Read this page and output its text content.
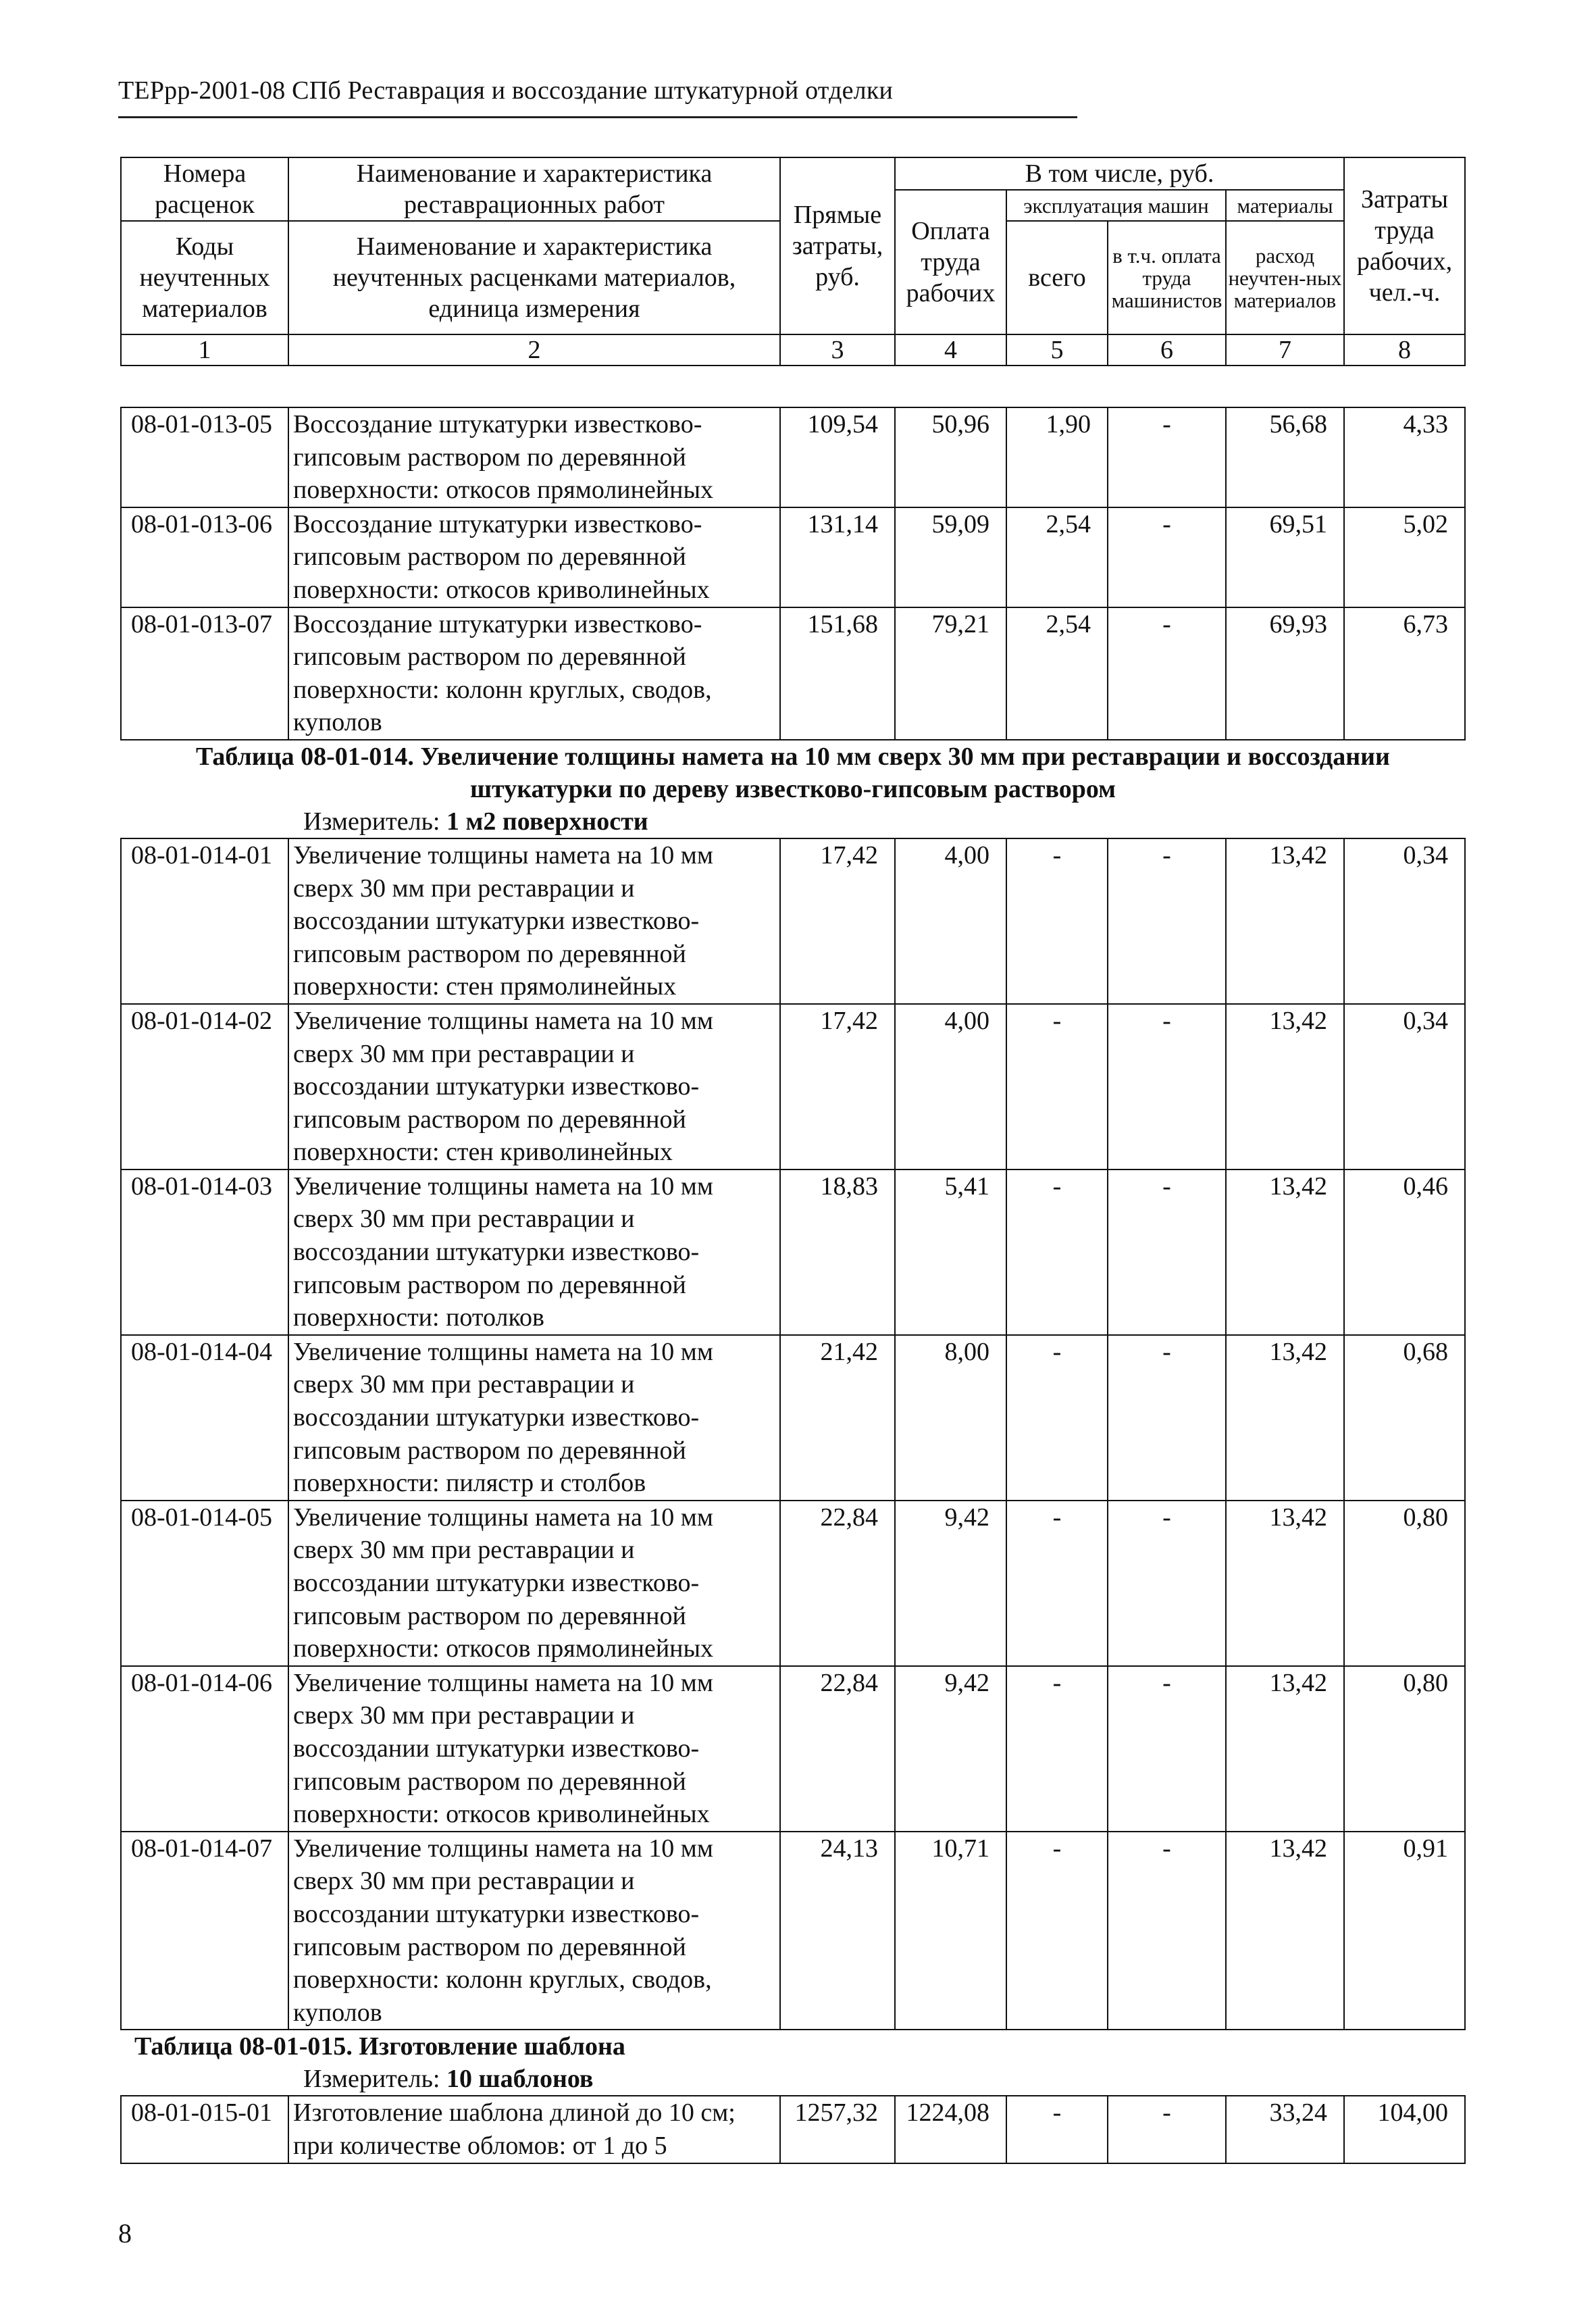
ТЕРрр-2001-08 СПб Реставрация и воссоздание штукатурной отделки
Номера расценок	Наименование и характеристика реставрационных работ	Прямые затраты, руб.	В том числе, руб.				Затраты труда рабочих, чел.-ч.
			Оплата труда рабочих	эксплуатация машин		материалы	
Коды неучтенных материалов	Наименование и характеристика неучтенных расценками материалов, единица измерения			всего	в т.ч. оплата труда машинистов	расход неучтен-ных материалов	

1	2	3	4	5	6	7	8
08-01-013-05	Воссоздание штукатурки известково-гипсовым раствором по деревянной поверхности: откосов прямолинейных	109,54	50,96	1,90	-	56,68	4,33
08-01-013-06	Воссоздание штукатурки известково-гипсовым раствором по деревянной поверхности: откосов криволинейных	131,14	59,09	2,54	-	69,51	5,02
08-01-013-07	Воссоздание штукатурки известково-гипсовым раствором по деревянной поверхности: колонн круглых, сводов, куполов	151,68	79,21	2,54	-	69,93	6,73

Таблица 08-01-014. Увеличение толщины намета на 10 мм сверх 30 мм при реставрации и воссоздании
штукатурки по дереву известково-гипсовым раствором
Измеритель: 1 м2 поверхности							

08-01-014-01	Увеличение толщины намета на 10 мм сверх 30 мм при реставрации и воссоздании штукатурки известково-гипсовым раствором по деревянной поверхности: стен прямолинейных	17,42	4,00	-	-	13,42	0,34
08-01-014-02	Увеличение толщины намета на 10 мм сверх 30 мм при реставрации и воссоздании штукатурки известково-гипсовым раствором по деревянной поверхности: стен криволинейных	17,42	4,00	-	-	13,42	0,34
08-01-014-03	Увеличение толщины намета на 10 мм сверх 30 мм при реставрации и воссоздании штукатурки известково-гипсовым раствором по деревянной поверхности: потолков	18,83	5,41	-	-	13,42	0,46
08-01-014-04	Увеличение толщины намета на 10 мм сверх 30 мм при реставрации и воссоздании штукатурки известково-гипсовым раствором по деревянной поверхности: пилястр и столбов	21,42	8,00	-	-	13,42	0,68
08-01-014-05	Увеличение толщины намета на 10 мм сверх 30 мм при реставрации и воссоздании штукатурки известково-гипсовым раствором по деревянной поверхности: откосов прямолинейных	22,84	9,42	-	-	13,42	0,80
08-01-014-06	Увеличение толщины намета на 10 мм сверх 30 мм при реставрации и воссоздании штукатурки известково-гипсовым раствором по деревянной поверхности: откосов криволинейных	22,84	9,42	-	-	13,42	0,80
08-01-014-07	Увеличение толщины намета на 10 мм сверх 30 мм при реставрации и воссоздании штукатурки известково-гипсовым раствором по деревянной поверхности: колонн круглых, сводов, куполов	24,13	10,71	-	-	13,42	0,91

Таблица 08-01-015. Изготовление шаблона
Измеритель: 10 шаблонов							

08-01-015-01	Изготовление шаблона длиной до 10 см; при количестве обломов: от 1 до 5	1257,32	1224,08	-	-	33,24	104,00
8
